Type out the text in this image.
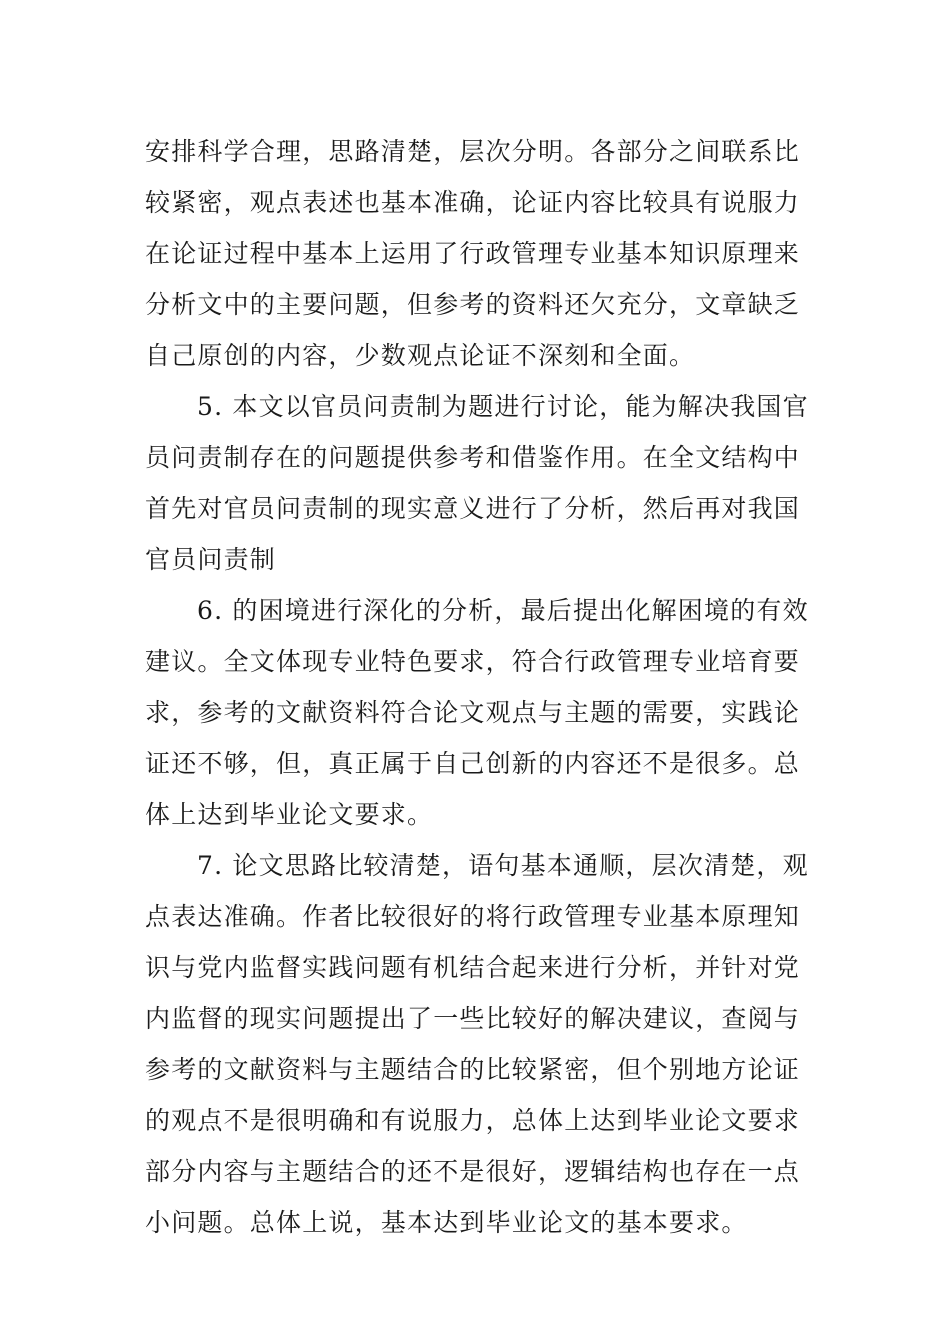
安排科学合理，思路清楚，层次分明。各部分之间联系比
较紧密，观点表述也基本准确，论证内容比较具有说服力
在论证过程中基本上运用了行政管理专业基本知识原理来
分析文中的主要问题，但参考的资料还欠充分，文章缺乏
自己原创的内容，少数观点论证不深刻和全面。
5. 本文以官员问责制为题进行讨论，能为解决我国官
员问责制存在的问题提供参考和借鉴作用。在全文结构中
首先对官员问责制的现实意义进行了分析，然后再对我国
官员问责制
6. 的困境进行深化的分析，最后提出化解困境的有效
建议。全文体现专业特色要求，符合行政管理专业培育要
求，参考的文献资料符合论文观点与主题的需要，实践论
证还不够，但，真正属于自己创新的内容还不是很多。总
体上达到毕业论文要求。
7. 论文思路比较清楚，语句基本通顺，层次清楚，观
点表达准确。作者比较很好的将行政管理专业基本原理知
识与党内监督实践问题有机结合起来进行分析，并针对党
内监督的现实问题提出了一些比较好的解决建议，查阅与
参考的文献资料与主题结合的比较紧密，但个别地方论证
的观点不是很明确和有说服力，总体上达到毕业论文要求
部分内容与主题结合的还不是很好，逻辑结构也存在一点
小问题。总体上说，基本达到毕业论文的基本要求。
